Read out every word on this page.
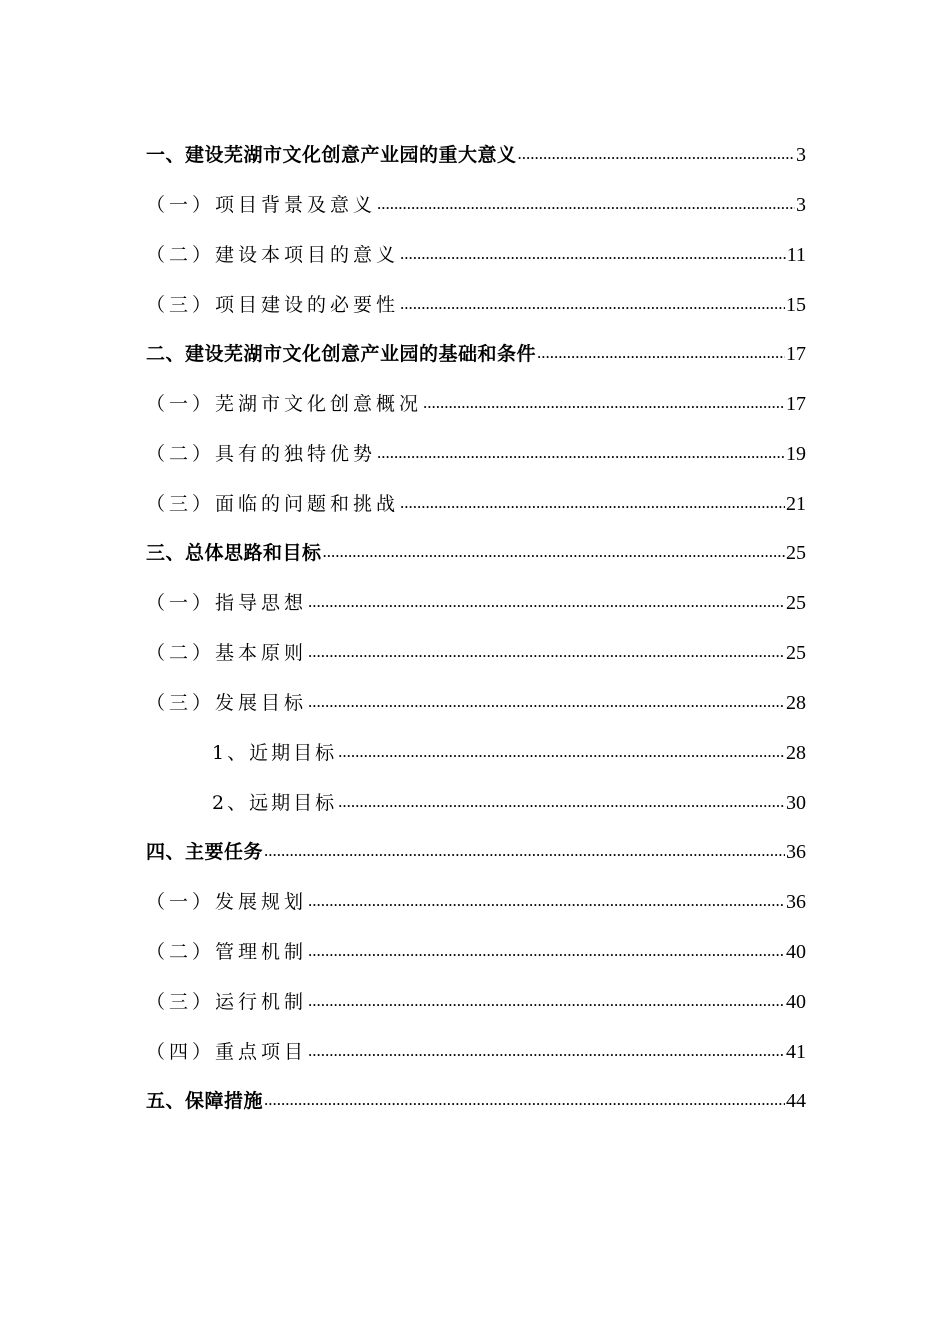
一、建设芜湖市文化创意产业园的重大意义 .....	3
（一）项目背景及意义 .....	3
（二）建设本项目的意义 .....	11
（三）项目建设的必要性 .....	15
二、建设芜湖市文化创意产业园的基础和条件 .....	17
（一）芜湖市文化创意概况 .....	17
（二）具有的独特优势 .....	19
（三）面临的问题和挑战 .....	21
三、总体思路和目标 .....	25
（一）指导思想 .....	25
（二）基本原则 .....	25
（三）发展目标 .....	28
1、近期目标 .....	28
2、远期目标 .....	30
四、主要任务 .....	36
（一）发展规划 .....	36
（二）管理机制 .....	40
（三）运行机制 .....	40
（四）重点项目 .....	41
五、保障措施 .....	44
